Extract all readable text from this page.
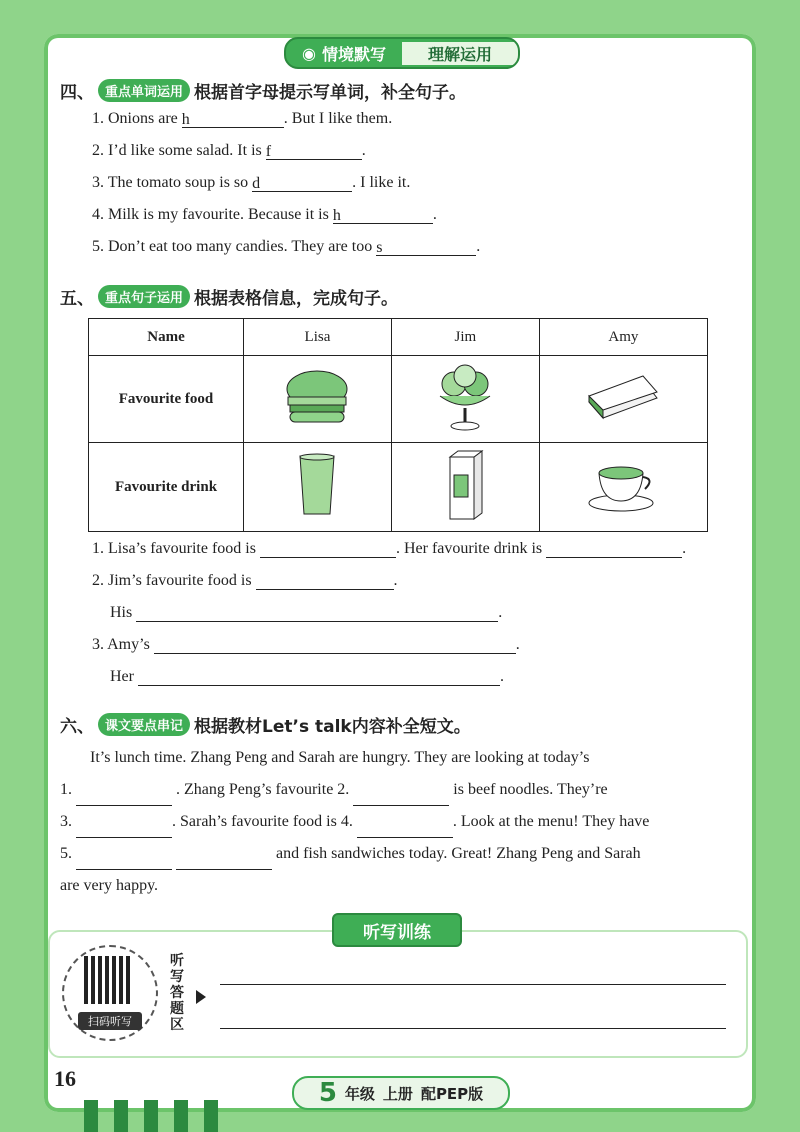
◉ 情境默写	理解运用
四、 重点单词运用 根据首字母提示写单词，补全句子。
1. Onions are h	. But I like them.
2. I’d like some salad. It is f	.
3. The tomato soup is so d	. I like it.
4. Milk is my favourite. Because it is h	.
5. Don’t eat too many candies. They are too s	.
五、 重点句子运用 根据表格信息，完成句子。
Name	Lisa	Jim	Amy
Favourite food			
Favourite drink			
1. Lisa’s favourite food is	. Her favourite drink is	.
2. Jim’s favourite food is	.
His	.
3. Amy’s	.
Her	.
六、 课文要点串记 根据教材Let’s talk内容补全短文。
It’s lunch time. Zhang Peng and Sarah are hungry. They are looking at today’s
1.	. Zhang Peng’s favourite 2.	is beef noodles. They’re
3.	. Sarah’s favourite food is 4.	. Look at the menu! They have
5.	and fish sandwiches today. Great! Zhang Peng and Sarah
are very happy.
听写训练
扫码听写
听写答题区
16	5 年级 上册 配PEP版
